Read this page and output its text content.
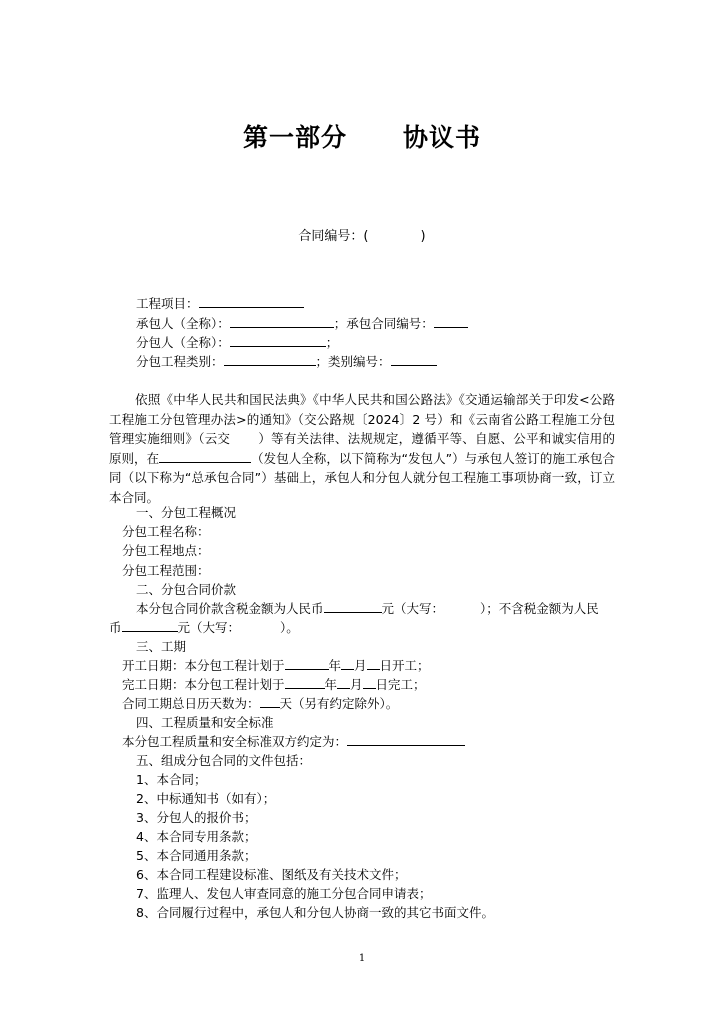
第一部分 协议书
合同编号：(	)
工程项目：
承包人（全称）：	；承包合同编号：
分包人（全称）：	；
分包工程类别：	；类别编号：
依照《中华人民共和国民法典》《中华人民共和国公路法》《交通运输部关于印发<公路工程施工分包管理办法>的通知》（交公路规〔2024〕2 号）和《云南省公路工程施工分包管理实施细则》（云交 ）等有关法律、法规规定，遵循平等、自愿、公平和诚实信用的原则，在	（发包人全称，以下简称为“发包人”）与承包人签订的施工承包合同（以下称为“总承包合同”）基础上，承包人和分包人就分包工程施工事项协商一致，订立本合同。
一、分包工程概况
分包工程名称：
分包工程地点：
分包工程范围：
二、分包合同价款
本分包合同价款含税金额为人民币	元（大写：	）；不含税金额为人民
币	元（大写：	）。
三、工期
开工日期：本分包工程计划于	年 月 日开工；
完工日期：本分包工程计划于	年 月 日完工；
合同工期总日历天数为： 天（另有约定除外）。
四、工程质量和安全标准
本分包工程质量和安全标准双方约定为：
五、组成分包合同的文件包括：
1、本合同；
2、中标通知书（如有）；
3、分包人的报价书；
4、本合同专用条款；
5、本合同通用条款；
6、本合同工程建设标准、图纸及有关技术文件；
7、监理人、发包人审查同意的施工分包合同申请表；
8、合同履行过程中，承包人和分包人协商一致的其它书面文件。
1
